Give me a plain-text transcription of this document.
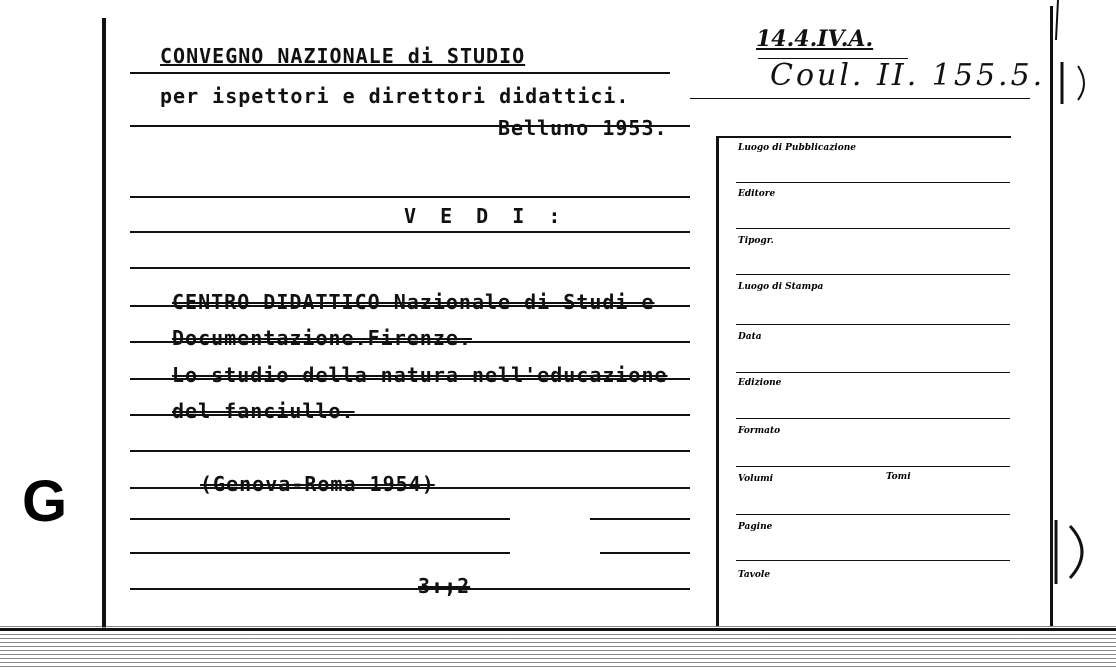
G
CONVEGNO NAZIONALE di STUDIO
per ispettori e direttori didattici.
Belluno 1953.
V E D I :
CENTRO DIDATTICO Nazionale di Studi e
Documentazione.Firenze.
Lo studio della natura nell'educazione
del fanciullo.
(Genova-Roma 1954)
3:;2
14.4.IV.A.
Coul. II. 155.5.
Luogo di Pubblicazione
Editore
Tipogr.
Luogo di Stampa
Data
Edizione
Formato
Volumi	Tomi
Pagine
Tavole
